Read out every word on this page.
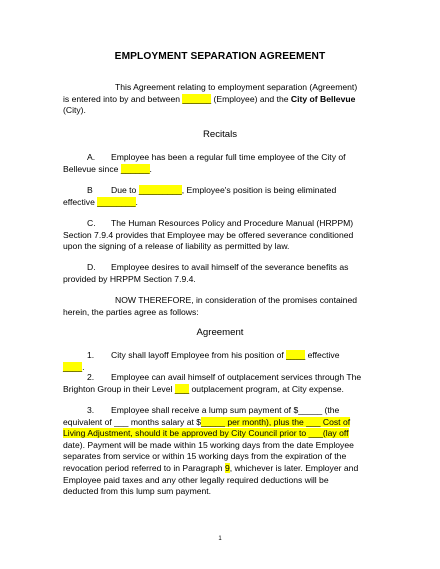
EMPLOYMENT SEPARATION AGREEMENT
This Agreement relating to employment separation (Agreement) is entered into by and between ______ (Employee) and the City of Bellevue (City).
Recitals
A. Employee has been a regular full time employee of the City of Bellevue since ______.
B Due to _________, Employee's position is being eliminated effective ________.
C. The Human Resources Policy and Procedure Manual (HRPPM) Section 7.9.4 provides that Employee may be offered severance conditioned upon the signing of a release of liability as permitted by law.
D. Employee desires to avail himself of the severance benefits as provided by HRPPM Section 7.9.4.
NOW THEREFORE, in consideration of the promises contained herein, the parties agree as follows:
Agreement
1. City shall layoff Employee from his position of ____ effective ____.
2. Employee can avail himself of outplacement services through The Brighton Group in their Level ___ outplacement program, at City expense.
3. Employee shall receive a lump sum payment of $_____ (the equivalent of ___ months salary at $_____ per month), plus the ___ Cost of Living Adjustment, should it be approved by City Council prior to ___(lay off date). Payment will be made within 15 working days from the date Employee separates from service or within 15 working days from the expiration of the revocation period referred to in Paragraph 9, whichever is later. Employer and Employee paid taxes and any other legally required deductions will be deducted from this lump sum payment.
1
